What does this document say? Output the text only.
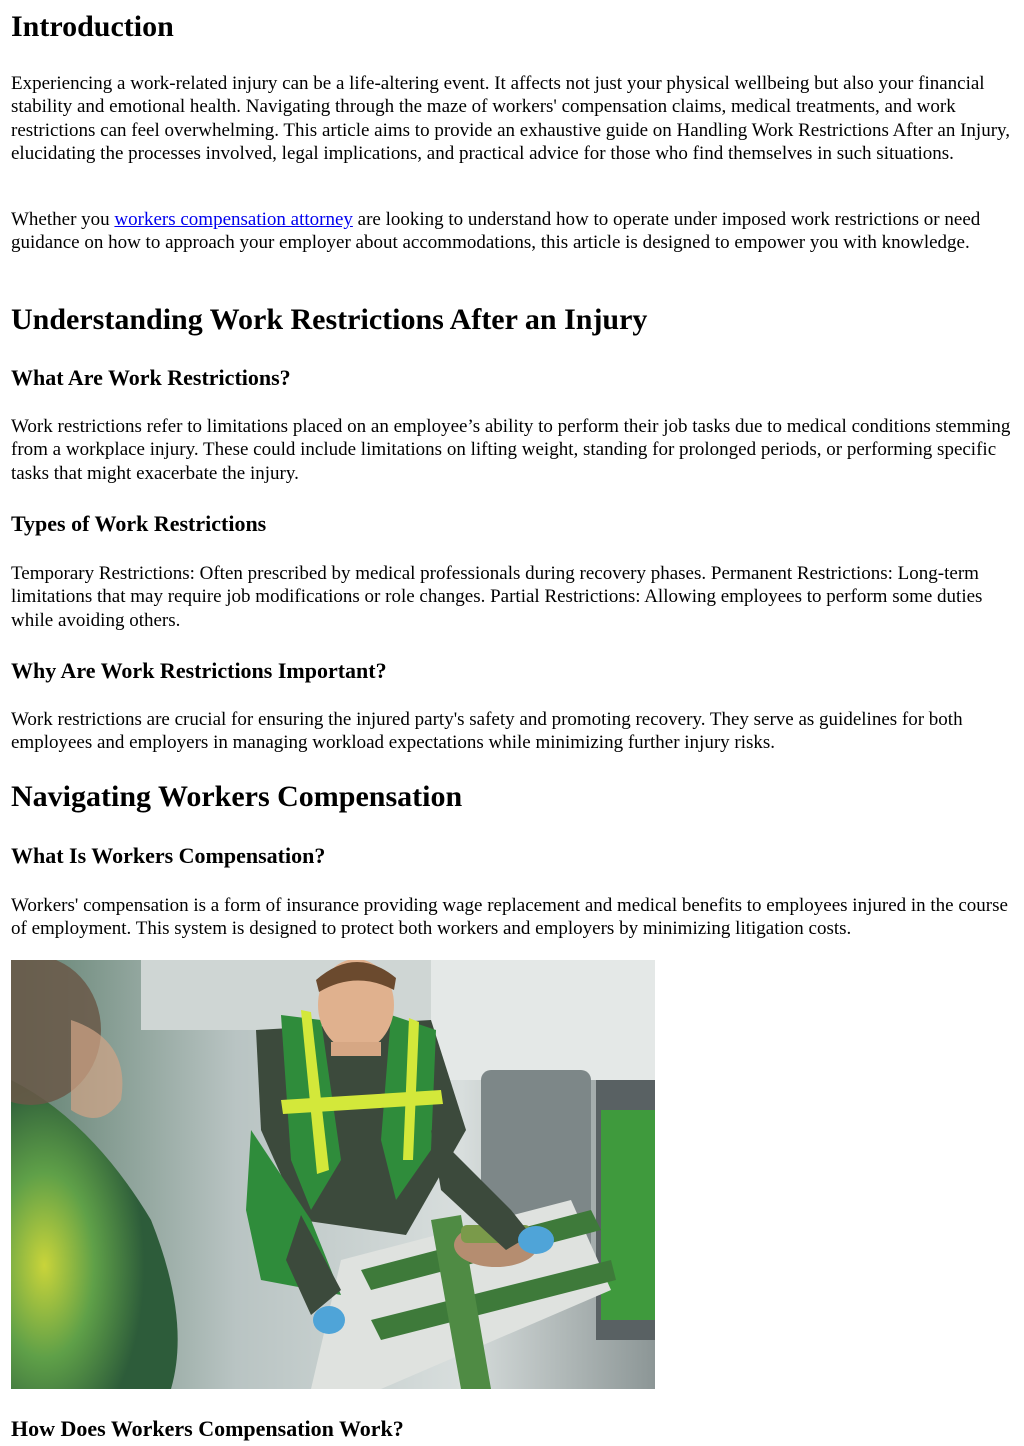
Introduction

Experiencing a work-related injury can be a life-altering event. It affects not just your physical wellbeing but also your financial stability and emotional health. Navigating through the maze of workers' compensation claims, medical treatments, and work restrictions can feel overwhelming. This article aims to provide an exhaustive guide on Handling Work Restrictions After an Injury, elucidating the processes involved, legal implications, and practical advice for those who find themselves in such situations.

Whether you workers compensation attorney are looking to understand how to operate under imposed work restrictions or need guidance on how to approach your employer about accommodations, this article is designed to empower you with knowledge.

Understanding Work Restrictions After an Injury
What Are Work Restrictions?

Work restrictions refer to limitations placed on an employee’s ability to perform their job tasks due to medical conditions stemming from a workplace injury. These could include limitations on lifting weight, standing for prolonged periods, or performing specific tasks that might exacerbate the injury.

Types of Work Restrictions

Temporary Restrictions: Often prescribed by medical professionals during recovery phases. Permanent Restrictions: Long-term limitations that may require job modifications or role changes. Partial Restrictions: Allowing employees to perform some duties while avoiding others.

Why Are Work Restrictions Important?

Work restrictions are crucial for ensuring the injured party's safety and promoting recovery. They serve as guidelines for both employees and employers in managing workload expectations while minimizing further injury risks.

Navigating Workers Compensation
What Is Workers Compensation?

Workers' compensation is a form of insurance providing wage replacement and medical benefits to employees injured in the course of employment. This system is designed to protect both workers and employers by minimizing litigation costs.

How Does Workers Compensation Work?
